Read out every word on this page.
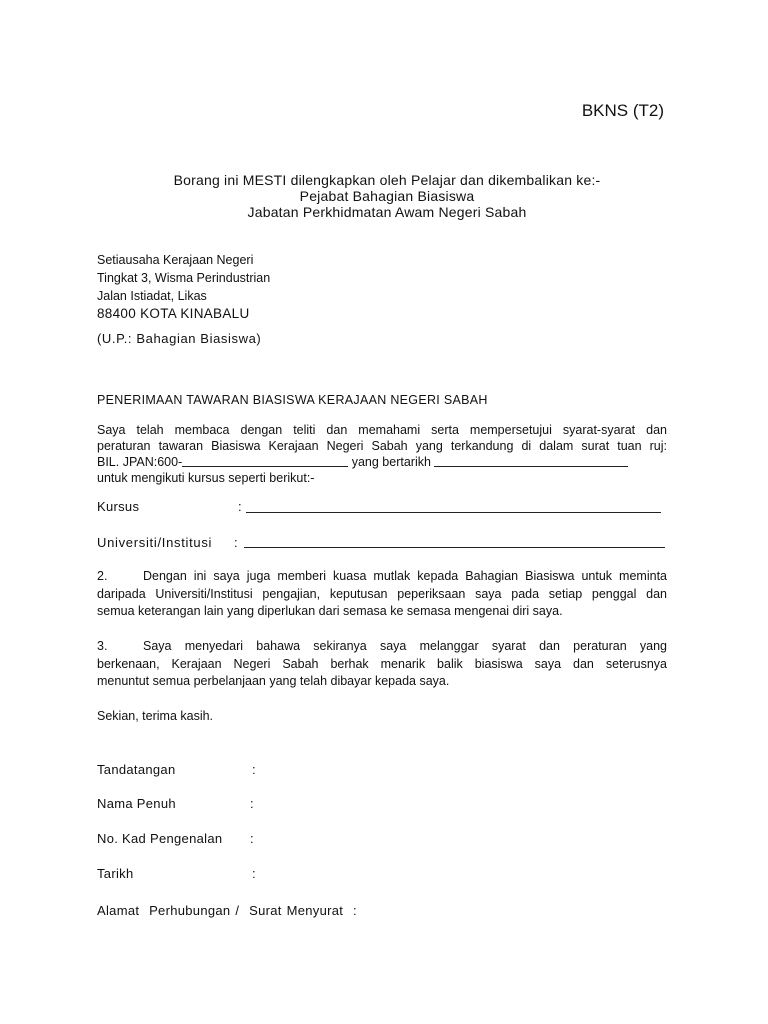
BKNS (T2)
Borang ini MESTI dilengkapkan oleh Pelajar dan dikembalikan ke:-
Pejabat Bahagian Biasiswa
Jabatan Perkhidmatan Awam Negeri Sabah
Setiausaha Kerajaan Negeri
Tingkat 3, Wisma Perindustrian
Jalan Istiadat, Likas
88400 KOTA KINABALU
(U.P.: Bahagian Biasiswa)
PENERIMAAN TAWARAN BIASISWA KERAJAAN NEGERI SABAH
Saya telah membaca dengan teliti dan memahami serta mempersetujui syarat-syarat dan
peraturan tawaran Biasiswa Kerajaan Negeri Sabah yang terkandung di dalam surat tuan ruj:
BIL. JPAN:600-	yang bertarikh
untuk mengikuti kursus seperti berikut:-
Kursus	:
Universiti/Institusi :
2.	Dengan ini saya juga memberi kuasa mutlak kepada Bahagian Biasiswa untuk meminta
daripada Universiti/Institusi pengajian, keputusan peperiksaan saya pada setiap penggal dan
semua keterangan lain yang diperlukan dari semasa ke semasa mengenai diri saya.
3.	Saya menyedari bahawa sekiranya saya melanggar syarat dan peraturan yang
berkenaan, Kerajaan Negeri Sabah berhak menarik balik biasiswa saya dan seterusnya
menuntut semua perbelanjaan yang telah dibayar kepada saya.
Sekian, terima kasih.
Tandatangan	:
Nama Penuh	:
No. Kad Pengenalan :
Tarikh	:
Alamat  Perhubungan /  Surat Menyurat  :
